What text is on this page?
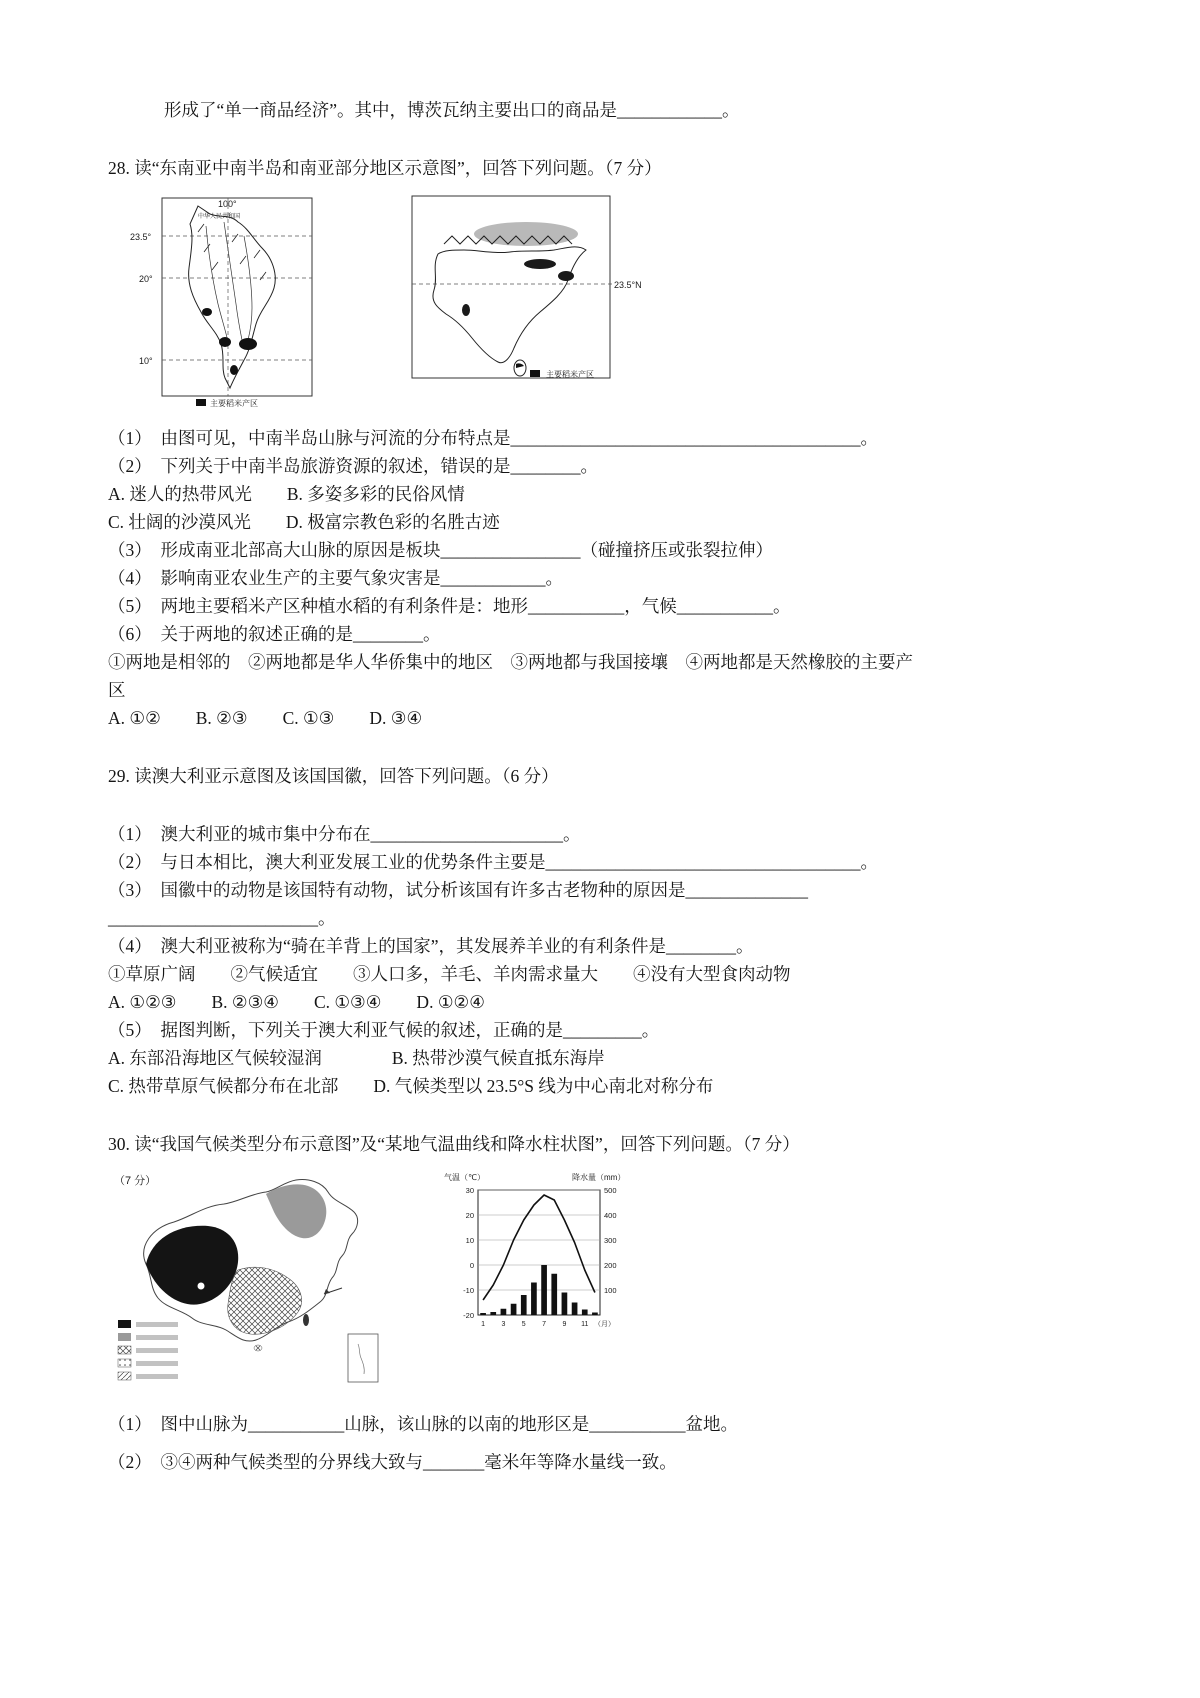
形成了“单一商品经济”。其中，博茨瓦纳主要出口的商品是____________。
28. 读“东南亚中南半岛和南亚部分地区示意图”，回答下列问题。（7 分）
100°
23.5°
20°
10°
中华人民共和国
主要稻米产区
23.5°N
主要稻米产区
（1）　由图可见，中南半岛山脉与河流的分布特点是________________________________________。
（2）　下列关于中南半岛旅游资源的叙述，错误的是________。
A. 迷人的热带风光　　B. 多姿多彩的民俗风情
C. 壮阔的沙漠风光　　D. 极富宗教色彩的名胜古迹
（3）　形成南亚北部高大山脉的原因是板块________________（碰撞挤压或张裂拉伸）
（4）　影响南亚农业生产的主要气象灾害是____________。
（5）　两地主要稻米产区种植水稻的有利条件是：地形___________，气候___________。
（6）　关于两地的叙述正确的是________。
①两地是相邻的　②两地都是华人华侨集中的地区　③两地都与我国接壤　④两地都是天然橡胶的主要产
区
A. ①②　　B. ②③　　C. ①③　　D. ③④
29. 读澳大利亚示意图及该国国徽，回答下列问题。（6 分）
（1）　澳大利亚的城市集中分布在______________________。
（2）　与日本相比，澳大利亚发展工业的优势条件主要是____________________________________。
（3）　国徽中的动物是该国特有动物，试分析该国有许多古老物种的原因是______________
________________________。
（4）　澳大利亚被称为“骑在羊背上的国家”，其发展养羊业的有利条件是________。
①草原广阔　　②气候适宜　　③人口多，羊毛、羊肉需求量大　　④没有大型食肉动物
A. ①②③　　B. ②③④　　C. ①③④　　D. ①②④
（5）　据图判断，下列关于澳大利亚气候的叙述，正确的是_________。
A. 东部沿海地区气候较湿润　　　　B. 热带沙漠气候直抵东海岸
C. 热带草原气候都分布在北部　　D. 气候类型以 23.5°S 线为中心南北对称分布
30. 读“我国气候类型分布示意图”及“某地气温曲线和降水柱状图”，回答下列问题。（7 分）
（7 分）
500
400
300
200
100
30
20
10
0
-10
-20
气温（℃）	降水量（mm）
1 3 5 7 9 11 （月）
（1）　图中山脉为___________山脉，该山脉的以南的地形区是___________盆地。
（2）　③④两种气候类型的分界线大致与_______毫米年等降水量线一致。
